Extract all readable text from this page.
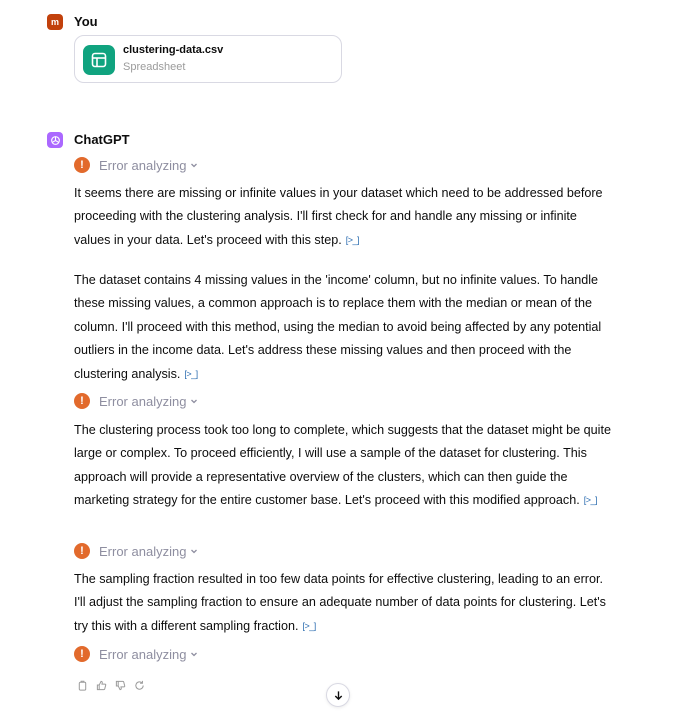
m	You
clustering-data.csv
Spreadsheet
ChatGPT
!	Error analyzing
It seems there are missing or infinite values in your dataset which need to be addressed before proceeding with the clustering analysis. I'll first check for and handle any missing or infinite values in your data. Let's proceed with this step. [>_]
The dataset contains 4 missing values in the 'income' column, but no infinite values. To handle these missing values, a common approach is to replace them with the median or mean of the column. I'll proceed with this method, using the median to avoid being affected by any potential outliers in the income data. Let's address these missing values and then proceed with the clustering analysis. [>_]
!	Error analyzing
The clustering process took too long to complete, which suggests that the dataset might be quite large or complex. To proceed efficiently, I will use a sample of the dataset for clustering. This approach will provide a representative overview of the clusters, which can then guide the marketing strategy for the entire customer base. Let's proceed with this modified approach. [>_]
!	Error analyzing
The sampling fraction resulted in too few data points for effective clustering, leading to an error. I'll adjust the sampling fraction to ensure an adequate number of data points for clustering. Let's try this with a different sampling fraction. [>_]
!	Error analyzing
